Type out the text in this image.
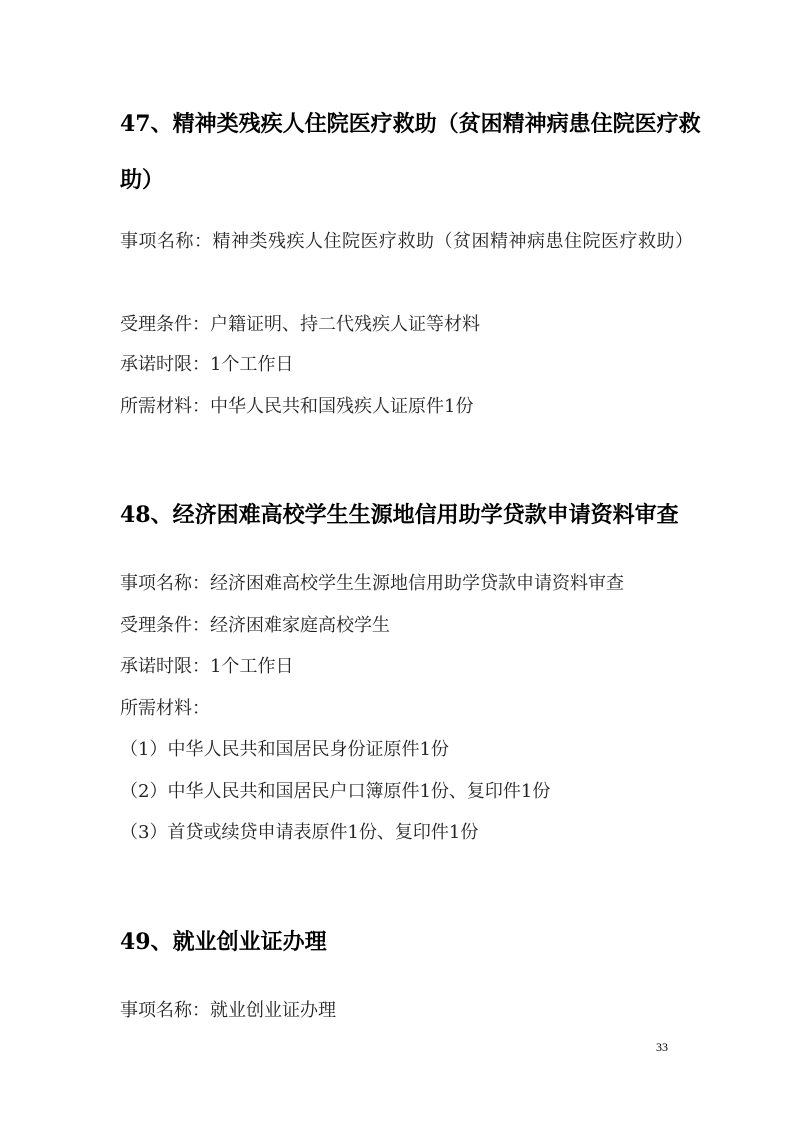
47、精神类残疾人住院医疗救助（贫困精神病患住院医疗救助）
事项名称：精神类残疾人住院医疗救助（贫困精神病患住院医疗救助）
受理条件：户籍证明、持二代残疾人证等材料
承诺时限：1个工作日
所需材料：中华人民共和国残疾人证原件1份
48、经济困难高校学生生源地信用助学贷款申请资料审查
事项名称：经济困难高校学生生源地信用助学贷款申请资料审查
受理条件：经济困难家庭高校学生
承诺时限：1个工作日
所需材料：
（1）中华人民共和国居民身份证原件1份
（2）中华人民共和国居民户口簿原件1份、复印件1份
（3）首贷或续贷申请表原件1份、复印件1份
49、就业创业证办理
事项名称：就业创业证办理
33
